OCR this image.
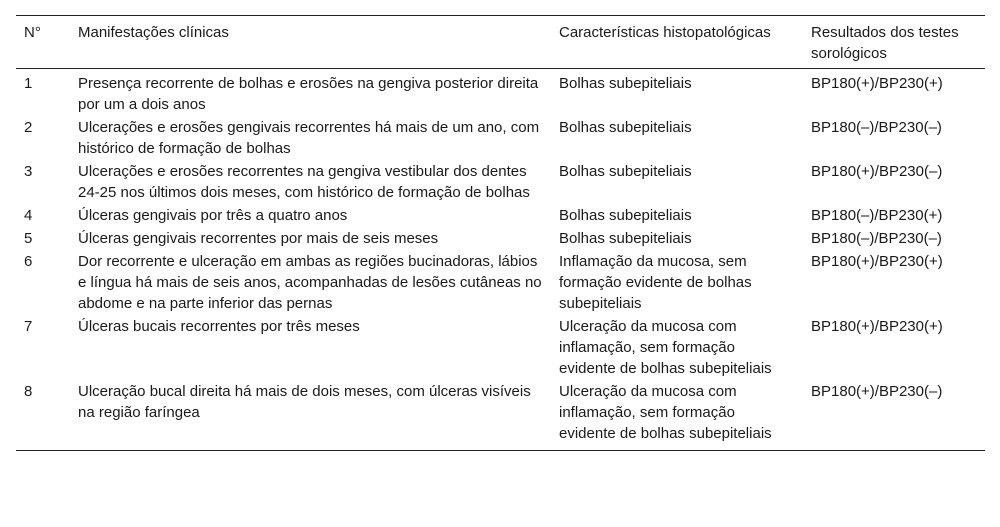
N°	Manifestações clínicas	Características histopatológicas	Resultados dos testes sorológicos
1	Presença recorrente de bolhas e erosões na gengiva posterior direita por um a dois anos	Bolhas subepiteliais	BP180(+)/BP230(+)
2	Ulcerações e erosões gengivais recorrentes há mais de um ano, com histórico de formação de bolhas	Bolhas subepiteliais	BP180(–)/BP230(–)
3	Ulcerações e erosões recorrentes na gengiva vestibular dos dentes 24-25 nos últimos dois meses, com histórico de formação de bolhas	Bolhas subepiteliais	BP180(+)/BP230(–)
4	Úlceras gengivais por três a quatro anos	Bolhas subepiteliais	BP180(–)/BP230(+)
5	Úlceras gengivais recorrentes por mais de seis meses	Bolhas subepiteliais	BP180(–)/BP230(–)
6	Dor recorrente e ulceração em ambas as regiões bucinadoras, lábios e língua há mais de seis anos, acompanhadas de lesões cutâneas no abdome e na parte inferior das pernas	Inflamação da mucosa, sem formação evidente de bolhas subepiteliais	BP180(+)/BP230(+)
7	Úlceras bucais recorrentes por três meses	Ulceração da mucosa com inflamação, sem formação evidente de bolhas subepiteliais	BP180(+)/BP230(+)
8	Ulceração bucal direita há mais de dois meses, com úlceras visíveis na região faríngea	Ulceração da mucosa com inflamação, sem formação evidente de bolhas subepiteliais	BP180(+)/BP230(–)
